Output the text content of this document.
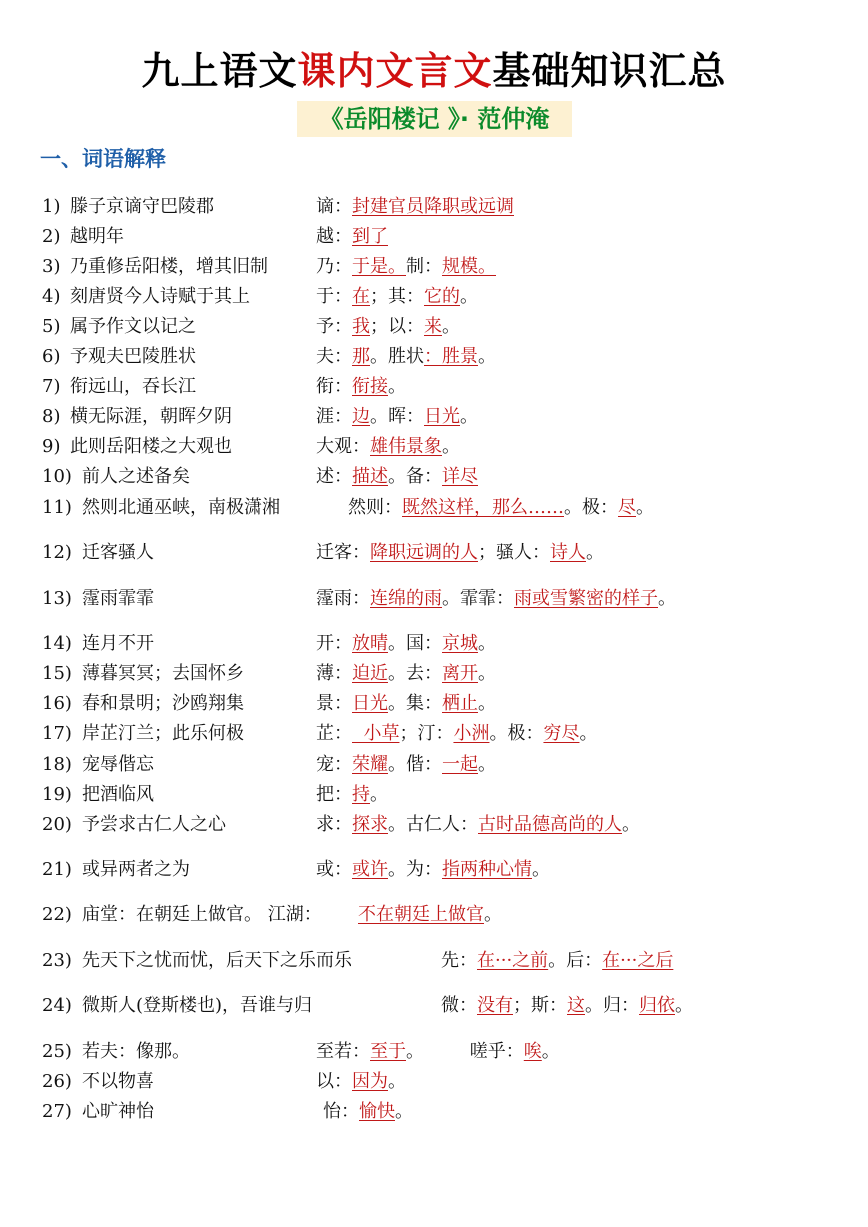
九上语文课内文言文基础知识汇总
《岳阳楼记 》· 范仲淹
一、词语解释
1) 滕子京谪守巴陵郡	谪：封建官员降职或远调
2) 越明年	越：到了
3) 乃重修岳阳楼，增其旧制	乃：于是。制：规模。
4) 刻唐贤今人诗赋于其上	于：在；其：它的。
5) 属予作文以记之	予：我；以：来。
6) 予观夫巴陵胜状	夫：那。胜状：胜景。
7) 衔远山，吞长江	衔：衔接。
8) 横无际涯，朝晖夕阴	涯：边。晖：日光。
9) 此则岳阳楼之大观也	大观：雄伟景象。
10) 前人之述备矣	述：描述。备：详尽
11) 然则北通巫峡，南极潇湘	然则：既然这样，那么……。极：尽。
12) 迁客骚人	迁客：降职远调的人；骚人：诗人。
13) 霪雨霏霏	霪雨：连绵的雨。霏霏：雨或雪繁密的样子。
14) 连月不开	开：放晴。国：京城。
15) 薄暮冥冥；去国怀乡	薄：迫近。去：离开。
16) 春和景明；沙鸥翔集	景：日光。集：栖止。
17) 岸芷汀兰；此乐何极	芷：  小草；汀：小洲。极：穷尽。
18) 宠辱偕忘	宠：荣耀。偕：一起。
19) 把酒临风	把：持。
20) 予尝求古仁人之心	求：探求。古仁人：古时品德高尚的人。
21) 或异两者之为	或：或许。为：指两种心情。
22) 庙堂：在朝廷上做官。 江湖： 不在朝廷上做官。
23) 先天下之忧而忧，后天下之乐而乐	先：在···之前。后：在···之后
24) 微斯人(登斯楼也)，吾谁与归	微：没有；斯：这。归：归依。
25) 若夫：像那。	至若：至于。        嗟乎：唉。
26) 不以物喜	以：因为。
27) 心旷神怡	怡：愉快。
